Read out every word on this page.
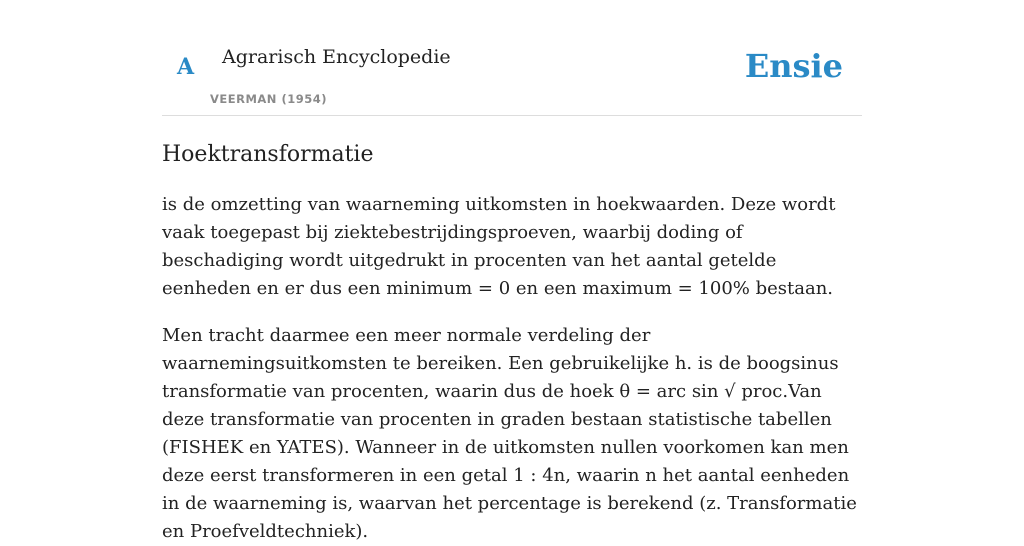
A Agrarisch Encyclopedie
VEERMAN (1954)
Ensie
Hoektransformatie

is de omzetting van waarneming uitkomsten in hoekwaarden. Deze wordt vaak toegepast bij ziektebestrijdingsproeven, waarbij doding of beschadiging wordt uitgedrukt in procenten van het aantal getelde eenheden en er dus een minimum = 0 en een maximum = 100% bestaan.

Men tracht daarmee een meer normale verdeling der waarnemingsuitkomsten te bereiken. Een gebruikelijke h. is de boogsinus transformatie van procenten, waarin dus de hoek θ = arc sin √ proc.Van deze transformatie van procenten in graden bestaan statistische tabellen (FISHEK en YATES). Wanneer in de uitkomsten nullen voorkomen kan men deze eerst transformeren in een getal 1 : 4n, waarin n het aantal eenheden in de waarneming is, waarvan het percentage is berekend (z. Transformatie en Proefveldtechniek).
